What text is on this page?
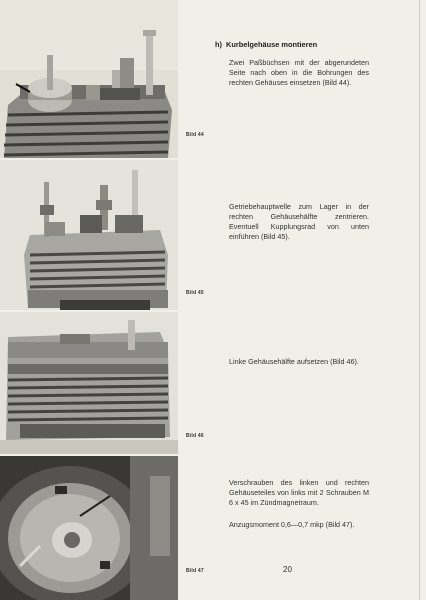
Bild 44
Bild 45
Bild 46
Bild 47
h) Kurbelgehäuse montieren
Zwei Paßbüchsen mit der abgerundeten Seite nach oben in die Bohrungen des rechten Gehäuses einsetzen (Bild 44).
Getriebehauptwelle zum Lager in der rechten Gehäusehälfte zentrieren. Eventuell Kupplungsrad von unten einführen (Bild 45).
Linke Gehäusehälfte aufsetzen (Bild 46).
Verschrauben des linken und rechten Gehäuseteiles von links mit 2 Schrauben M 6 x 45 im Zündmagnetraum.
Anzugsmoment 0,6—0,7 mkp (Bild 47).
20
